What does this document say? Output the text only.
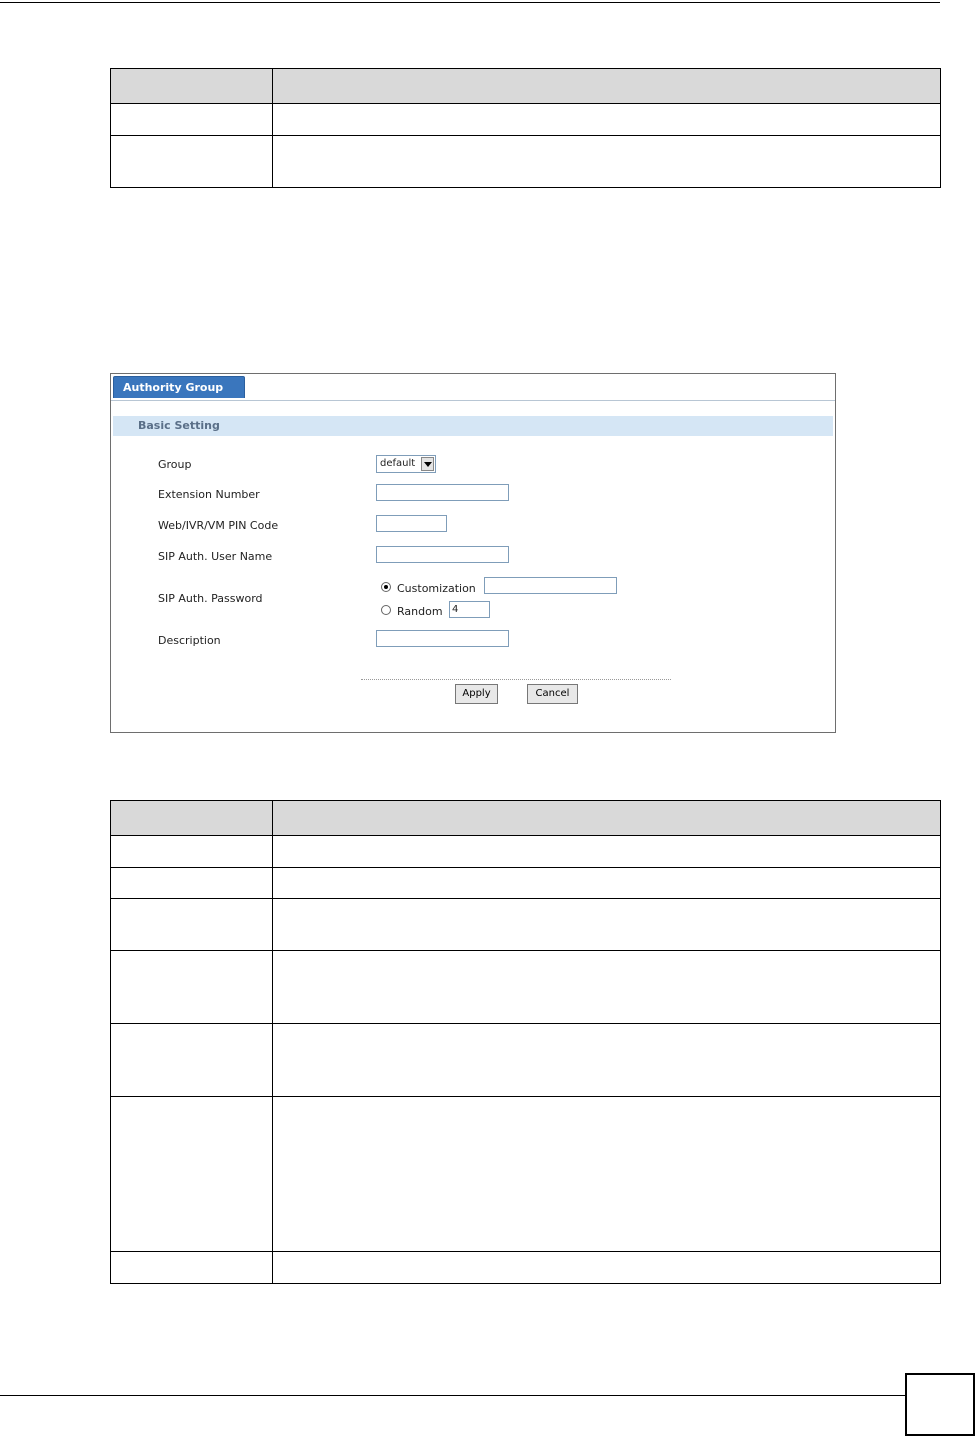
Authority Group
Basic Setting
Group	default
Extension Number
Web/IVR/VM PIN Code
SIP Auth. User Name
SIP Auth. Password
Customization
Random 4
Description
Apply	Cancel
